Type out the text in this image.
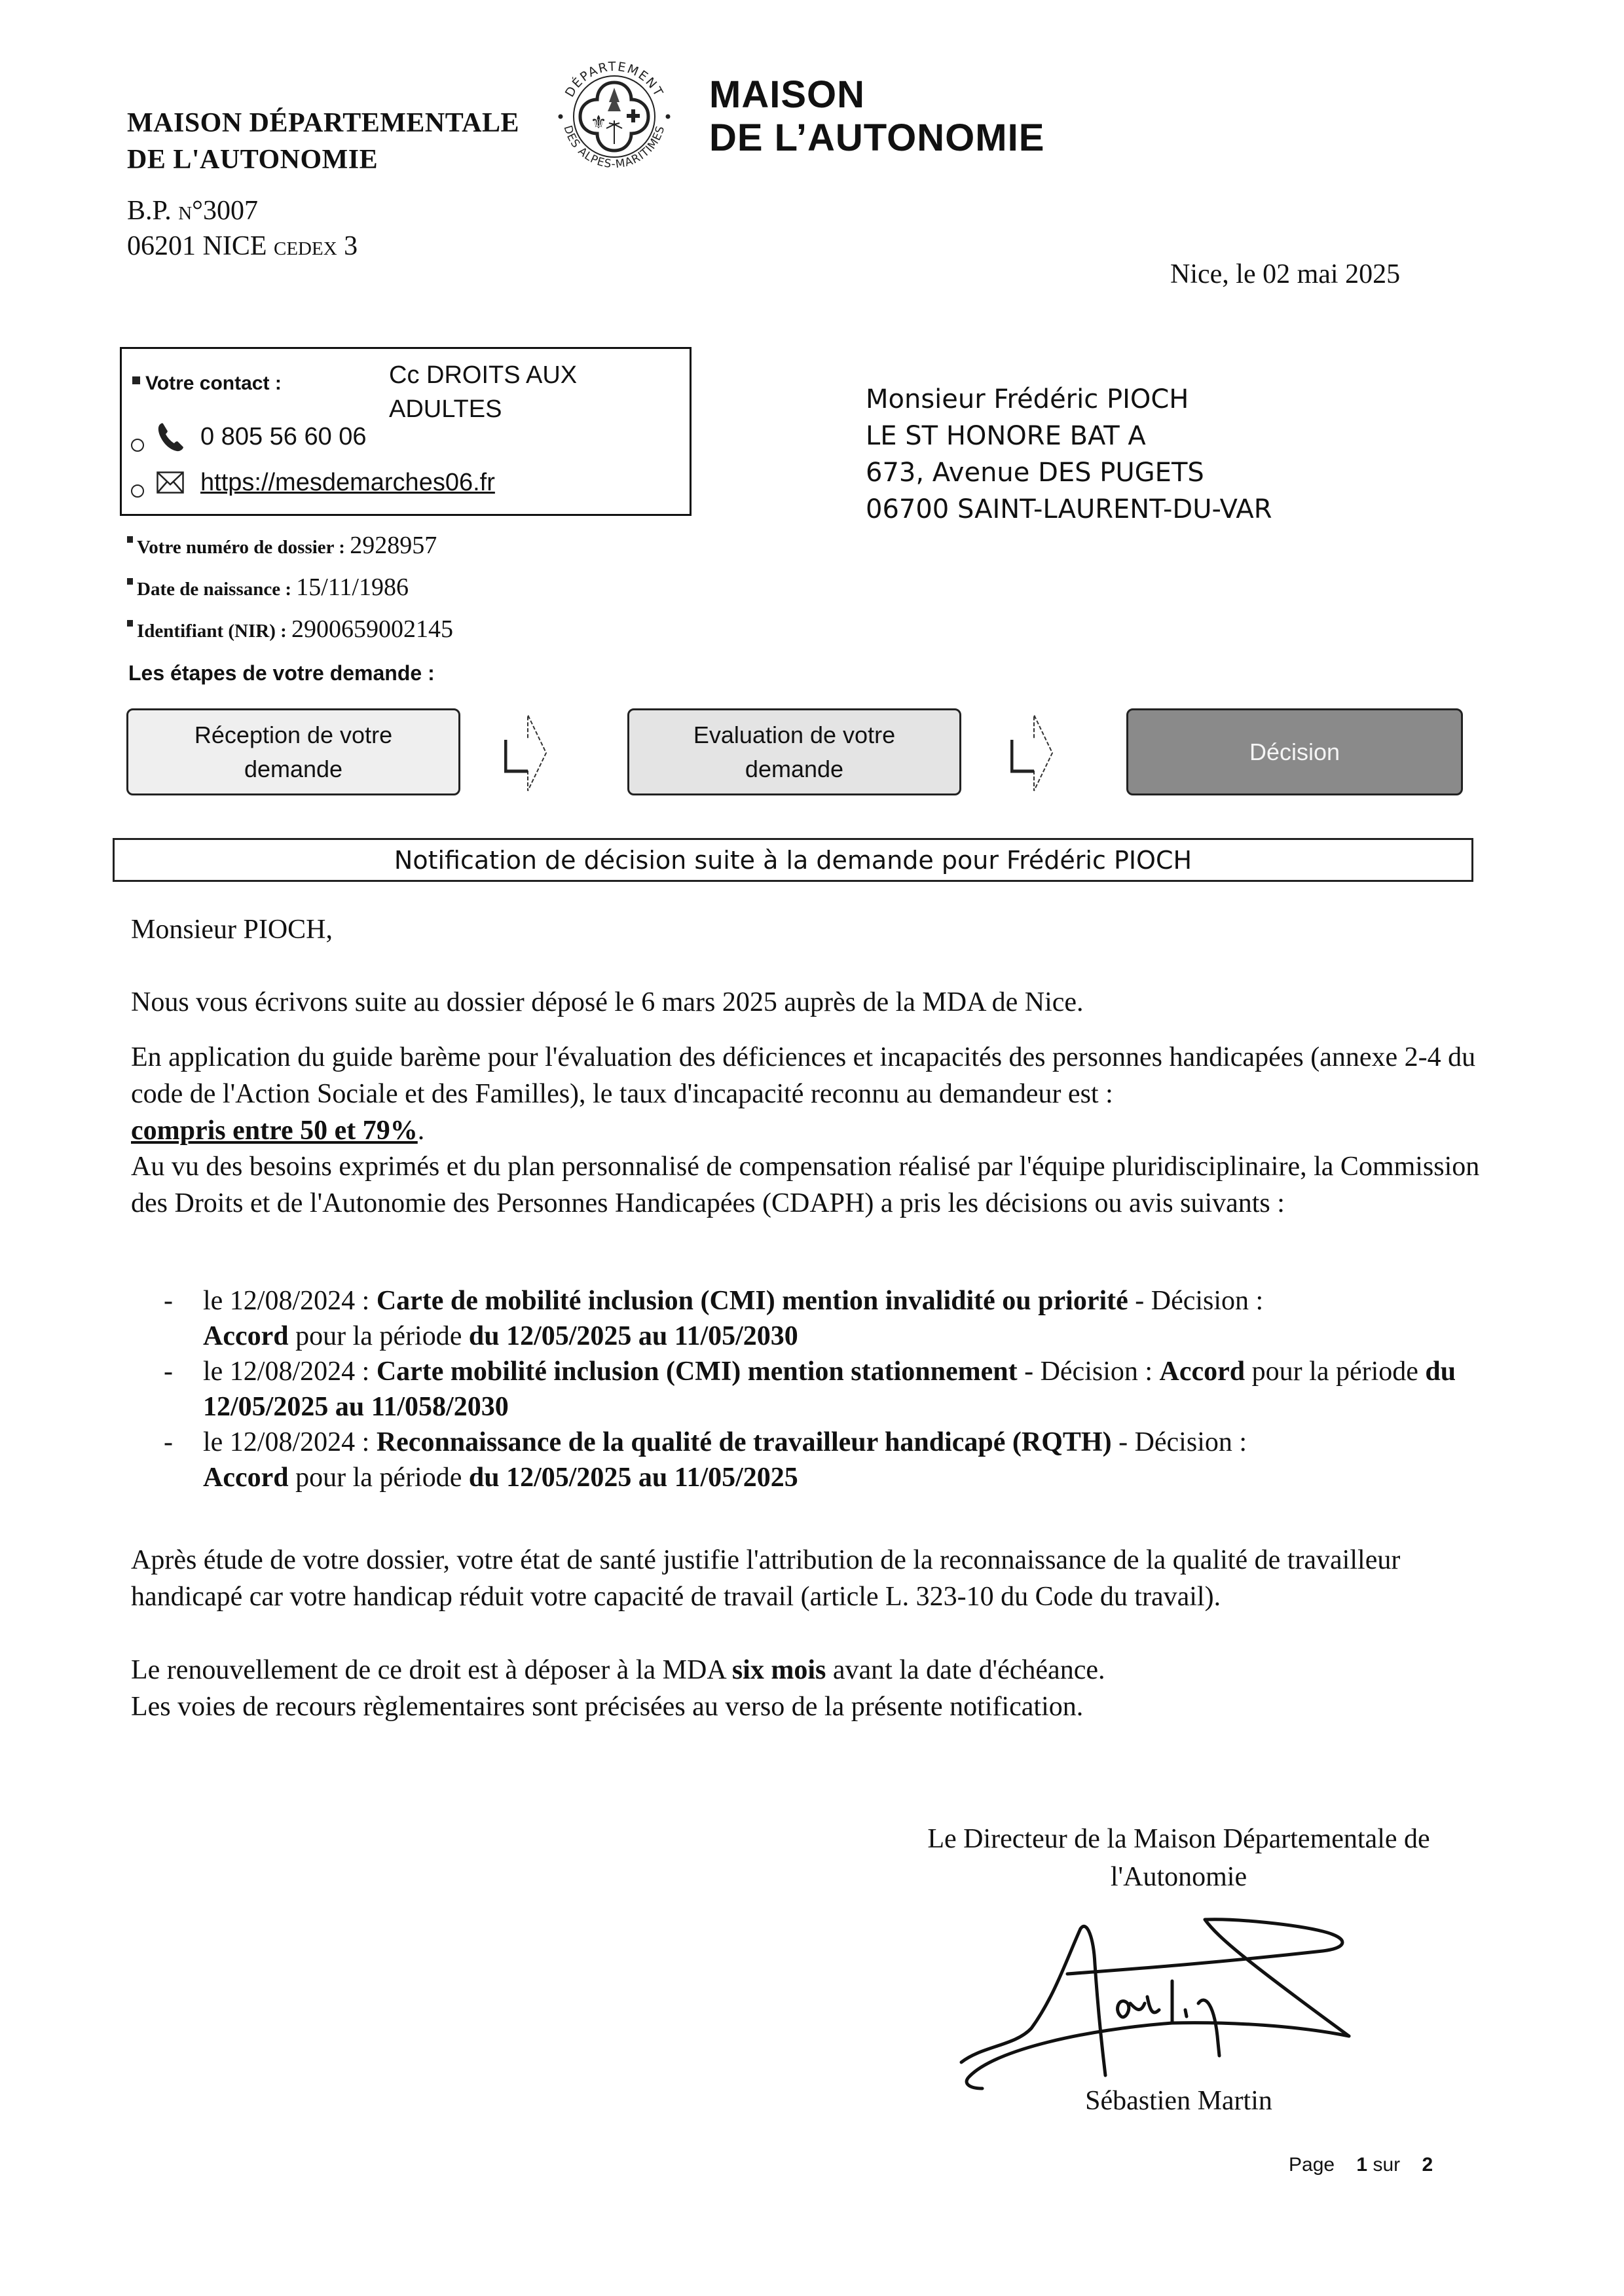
MAISON DÉPARTEMENTALE
DE L'AUTONOMIE
B.P. n°3007
06201 NICE cedex 3
DÉPARTEMENT
DES ALPES-MARITIMES
⚜
MAISON
DE L’AUTONOMIE
Nice, le 02 mai 2025
Votre contact :	Cc DROITS AUX
ADULTES
0 805 56 60 06
https://mesdemarches06.fr
Monsieur Frédéric PIOCH
LE ST HONORE BAT A
673, Avenue DES PUGETS
06700 SAINT-LAURENT-DU-VAR
Votre numéro de dossier : 2928957
Date de naissance : 15/11/1986
Identifiant (NIR) : 2900659002145
Les étapes de votre demande :
Réception de votre
demande
Evaluation de votre
demande
Décision
Notification de décision suite à la demande pour Frédéric PIOCH
Monsieur PIOCH,
Nous vous écrivons suite au dossier déposé le 6 mars 2025 auprès de la MDA de Nice.
En application du guide barème pour l'évaluation des déficiences et incapacités des personnes handicapées (annexe 2-4 du code de l'Action Sociale et des Familles), le taux d'incapacité reconnu au demandeur est :
compris entre 50 et 79%.
Au vu des besoins exprimés et du plan personnalisé de compensation réalisé par l'équipe pluridisciplinaire, la Commission des Droits et de l'Autonomie des Personnes Handicapées (CDAPH) a pris les décisions ou avis suivants :
- le 12/08/2024 : Carte de mobilité inclusion (CMI) mention invalidité ou priorité - Décision :
Accord pour la période du 12/05/2025 au 11/05/2030
- le 12/08/2024 : Carte mobilité inclusion (CMI) mention stationnement - Décision : Accord pour la période du 12/05/2025 au 11/058/2030
- le 12/08/2024 : Reconnaissance de la qualité de travailleur handicapé (RQTH) - Décision :
Accord pour la période du 12/05/2025 au 11/05/2025
Après étude de votre dossier, votre état de santé justifie l'attribution de la reconnaissance de la qualité de travailleur handicapé car votre handicap réduit votre capacité de travail (article L. 323-10 du Code du travail).
Le renouvellement de ce droit est à déposer à la MDA six mois avant la date d'échéance.
Les voies de recours règlementaires sont précisées au verso de la présente notification.
Le Directeur de la Maison Départementale de
l'Autonomie
Sébastien Martin
Page 1 sur 2
